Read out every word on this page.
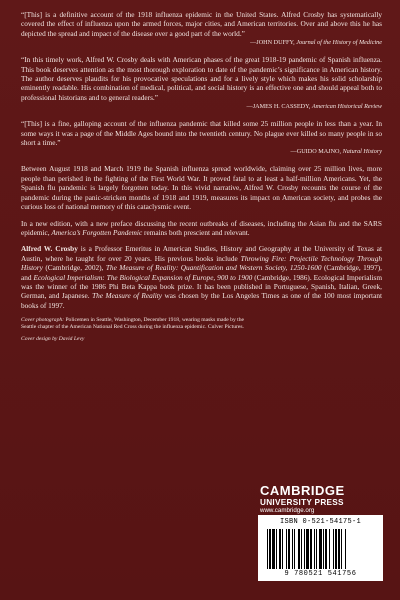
“[This] is a definitive account of the 1918 influenza epidemic in the United States. Alfred Crosby has systematically covered the effect of influenza upon the armed forces, major cities, and American territories. Over and above this he has depicted the spread and impact of the disease over a good part of the world.”

—JOHN DUFFY, Journal of the History of Medicine

“In this timely work, Alfred W. Crosby deals with American phases of the great 1918-19 pandemic of Spanish influenza. This book deserves attention as the most thorough exploration to date of the pandemic’s significance in American history. The author deserves plaudits for his provocative speculations and for a lively style which makes his solid scholarship eminently readable. His combination of medical, political, and social history is an effective one and should appeal both to professional historians and to general readers.”

—JAMES H. CASSEDY, American Historical Review

“[This] is a fine, galloping account of the influenza pandemic that killed some 25 million people in less than a year. In some ways it was a page of the Middle Ages bound into the twentieth century. No plague ever killed so many people in so short a time.”

—GUIDO MAJNO, Natural History

Between August 1918 and March 1919 the Spanish influenza spread worldwide, claiming over 25 million lives, more people than perished in the fighting of the First World War. It proved fatal to at least a half-million Americans. Yet, the Spanish flu pandemic is largely forgotten today. In this vivid narrative, Alfred W. Crosby recounts the course of the pandemic during the panic-stricken months of 1918 and 1919, measures its impact on American society, and probes the curious loss of national memory of this cataclysmic event.

In a new edition, with a new preface discussing the recent outbreaks of diseases, including the Asian flu and the SARS epidemic, America’s Forgotten Pandemic remains both prescient and relevant.

Alfred W. Crosby is a Professor Emeritus in American Studies, History and Geography at the University of Texas at Austin, where he taught for over 20 years. His previous books include Throwing Fire: Projectile Technology Through History (Cambridge, 2002), The Measure of Reality: Quantification and Western Society, 1250-1600 (Cambridge, 1997), and Ecological Imperialism: The Biological Expansion of Europe, 900 to 1900 (Cambridge, 1986). Ecological Imperialism was the winner of the 1986 Phi Beta Kappa book prize. It has been published in Portuguese, Spanish, Italian, Greek, German, and Japanese. The Measure of Reality was chosen by the Los Angeles Times as one of the 100 most important books of 1997.

Cover photograph: Policemen in Seattle, Washington, December 1918, wearing masks made by the Seattle chapter of the American National Red Cross during the influenza epidemic. Culver Pictures.

Cover design by David Levy

CAMBRIDGE
UNIVERSITY PRESS
www.cambridge.org
ISBN 0-521-54175-1
9 780521 541756
